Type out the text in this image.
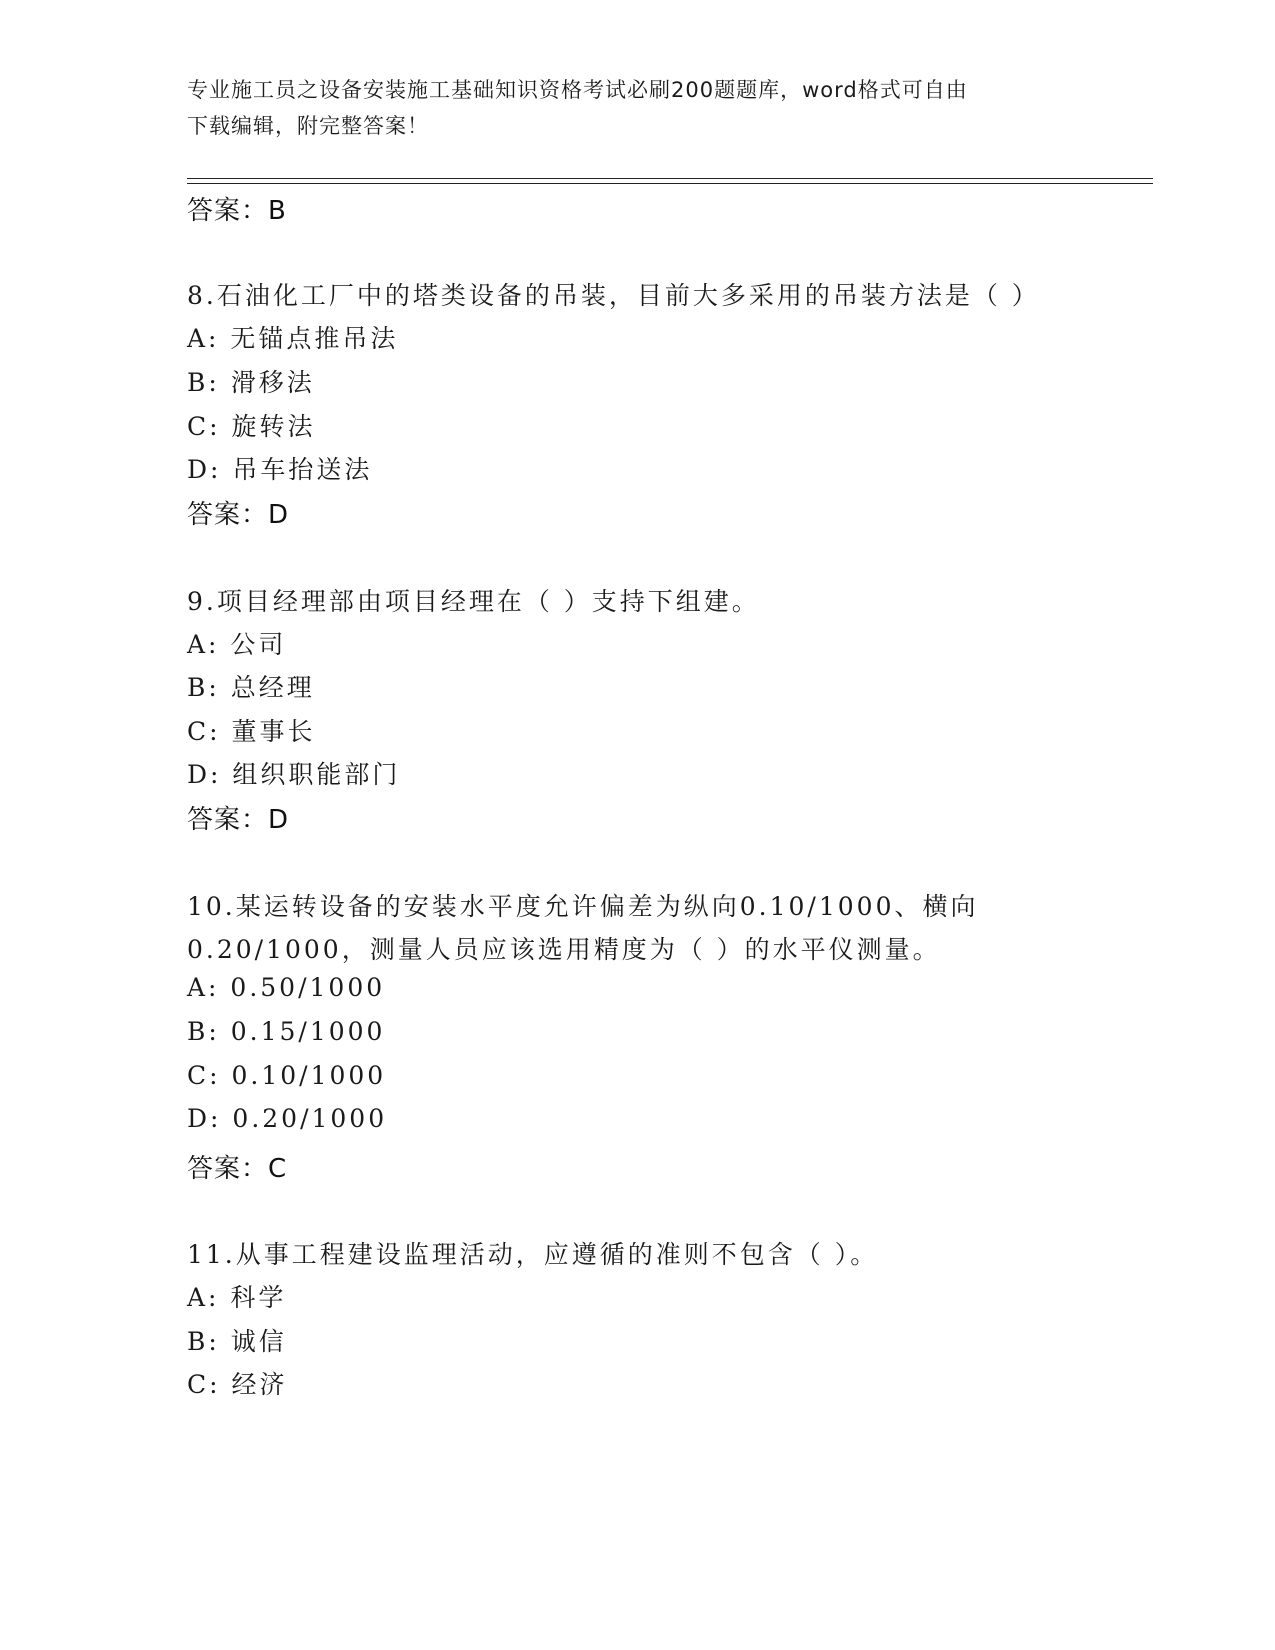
专业施工员之设备安装施工基础知识资格考试必刷200题题库，word格式可自由
下载编辑，附完整答案！
答案：B
8.石油化工厂中的塔类设备的吊装，目前大多采用的吊装方法是（ ）
A: 无锚点推吊法
B: 滑移法
C: 旋转法
D: 吊车抬送法
答案：D
9.项目经理部由项目经理在（ ）支持下组建。
A: 公司
B: 总经理
C: 董事长
D: 组织职能部门
答案：D
10.某运转设备的安装水平度允许偏差为纵向0.10/1000、横向
0.20/1000，测量人员应该选用精度为（ ）的水平仪测量。
A: 0.50/1000
B: 0.15/1000
C: 0.10/1000
D: 0.20/1000
答案：C
11.从事工程建设监理活动，应遵循的准则不包含（ ）。
A: 科学
B: 诚信
C: 经济
